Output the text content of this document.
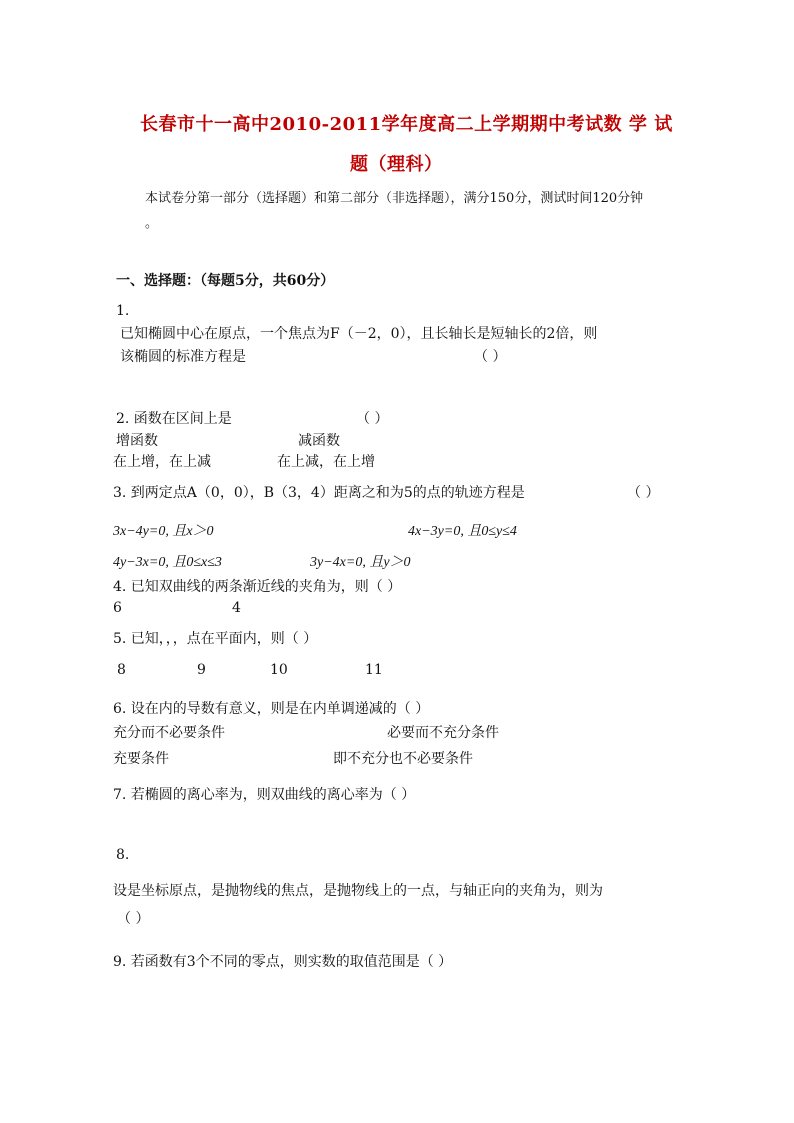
长春市十一高中2010-2011学年度高二上学期期中考试数 学 试
题（理科）
本试卷分第一部分（选择题）和第二部分（非选择题），满分150分，测试时间120分钟
。
一、选择题：（每题5分，共60分）
1.
已知椭圆中心在原点，一个焦点为F（－2，0），且长轴长是短轴长的2倍，则
该椭圆的标准方程是	（ ）
2. 函数在区间上是	（ ）
增函数	减函数
在上增，在上减	在上减，在上增
3. 到两定点A（0，0），B（3，4）距离之和为5的点的轨迹方程是	（ ）
3x−4y=0, 且x＞0	4x−3y=0, 且0≤y≤4
4y−3x=0, 且0≤x≤3	3y−4x=0, 且y＞0
4. 已知双曲线的两条渐近线的夹角为，则（ ）
6	4
5. 已知，，，点在平面内，则（ ）
8	9	10	11
6. 设在内的导数有意义，则是在内单调递减的（ ）
充分而不必要条件	必要而不充分条件
充要条件	即不充分也不必要条件
7. 若椭圆的离心率为，则双曲线的离心率为（ ）
8.
设是坐标原点，是抛物线的焦点，是抛物线上的一点，与轴正向的夹角为，则为
（ ）
9. 若函数有3个不同的零点，则实数的取值范围是（ ）
